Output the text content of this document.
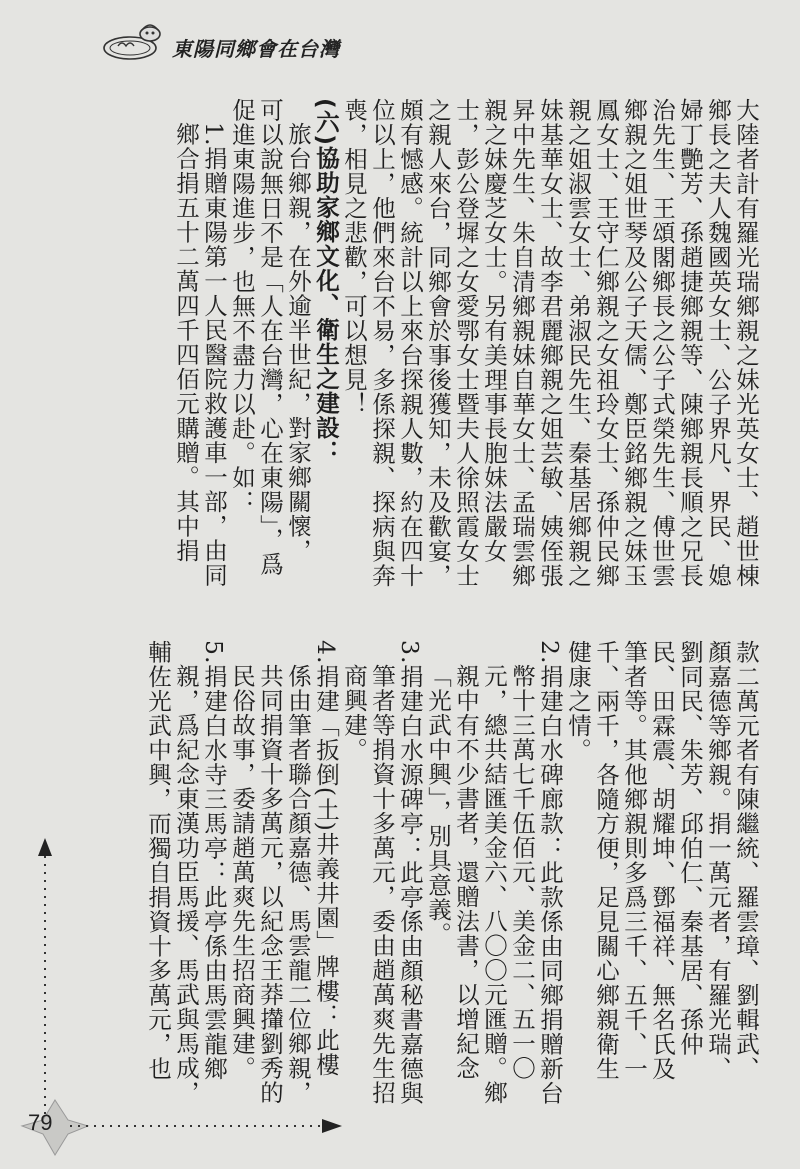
東陽同鄉會在台灣
大陸者計有羅光瑞鄉親之妹光英女士、趙世棟
鄉長之夫人魏國英女士、公子界凡、界民、媳
婦丁艷芳、孫趙捷鄉親等、陳鄉親長順之兄長
治先生、王頌閣鄉長之公子式榮先生、傅世雲
鄉親之姐世琴及公子天儒、鄭臣銘鄉親之妹玉
鳳女士、王守仁鄉親之女祖玲女士、孫仲民鄉
親之姐淑雲女士、弟淑民先生、秦基居鄉親之
妹基華女士、故李君麗鄉親之姐芸敏、姨侄張
昇中先生、朱自清鄉親妹自華女士、孟瑞雲鄉
親之妹慶芝女士。另有美理事長胞妹法嚴女
士，彭公登墀之女愛鄂女士暨夫人徐照霞女士
之親人來台，同鄉會於事後獲知，未及歡宴，
頗有憾感。統計以上來台探親人數，約在四十
位以上，他們來台不易，多係探親、探病與奔
喪，相見之悲歡，可以想見！
(六)協助家鄉文化、衛生之建設：
旅台鄉親，在外逾半世紀，對家鄉關懷，
可以說無日不是「人在台灣，心在東陽」，爲
促進東陽進步，也無不盡力以赴。如：
1.捐贈東陽第一人民醫院救護車一部，由同
鄉合捐五十二萬四千四佰元購贈。其中捐
款二萬元者有陳繼統、羅雲璋、劉輯武、
顏嘉德等鄉親。捐一萬元者，有羅光瑞、
劉同民、朱芳、邱伯仁、秦基居、孫仲
民、田霖震、胡耀坤、鄧福祥、無名氏及
筆者等。其他鄉親則多爲三千、五千、一
千、兩千，各隨方便，足見關心鄉親衛生
健康之情。
2.捐建白水碑廊款：此款係由同鄉捐贈新台
幣十三萬七千伍佰元、美金二、五一〇
元，總共結匯美金六、八〇〇元匯贈。鄉
親中有不少書者，還贈法書，以增紀念
「光武中興」，別具意義。
3.捐建白水源碑亭：此亭係由顏秘書嘉德與
筆者等捐資十多萬元，委由趙萬爽先生招
商興建。
4.捐建「扳倒(土)井義井園」牌樓：此樓
係由筆者聯合顏嘉德、馬雲龍二位鄉親，
共同捐資十多萬元，以紀念王莽攆劉秀的
民俗故事，委請趙萬爽先生招商興建。
5.捐建白水寺三馬亭：此亭係由馬雲龍鄉
親，爲紀念東漢功臣馬援、馬武與馬成，
輔佐光武中興，而獨自捐資十多萬元，也
79
